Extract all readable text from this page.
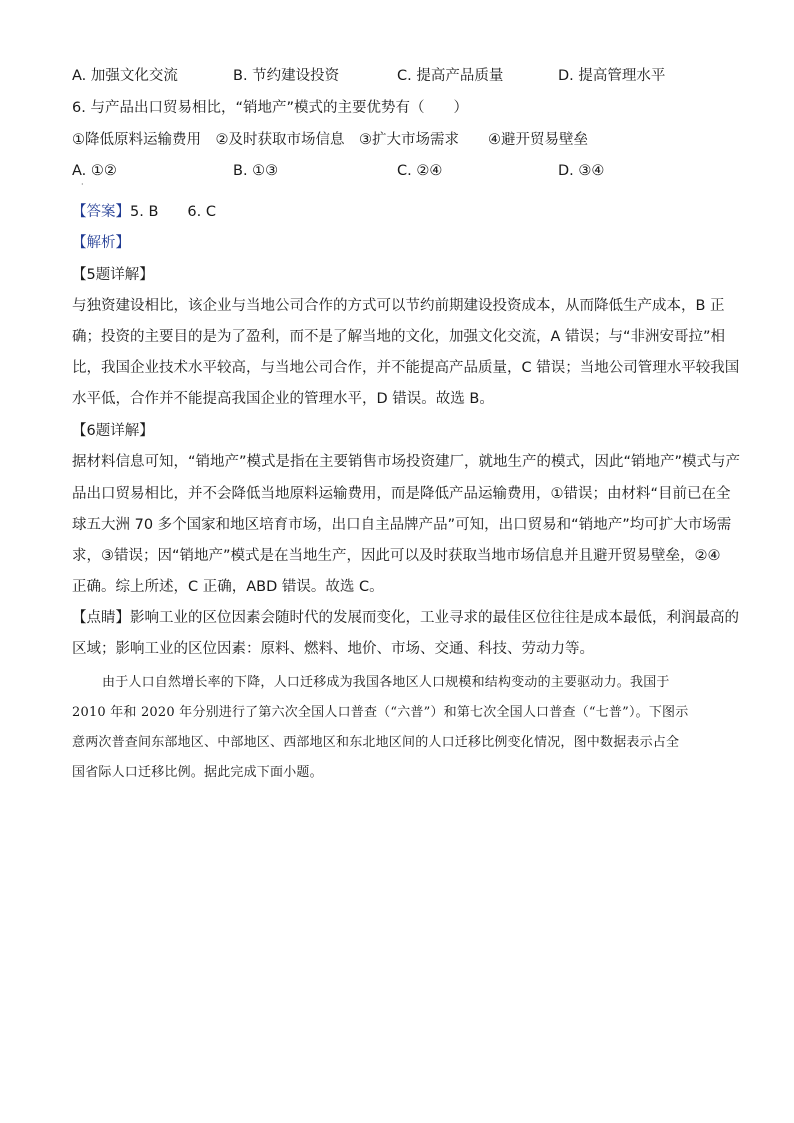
A. 加强文化交流	B. 节约建设投资	C. 提高产品质量	D. 提高管理水平
6. 与产品出口贸易相比，“销地产”模式的主要优势有（　　）
①降低原料运输费用　②及时获取市场信息　③扩大市场需求　　④避开贸易壁垒
A. ①②	B. ①③	C. ②④	D. ③④
·
【答案】5. B　　6. C
【解析】
【5题详解】
与独资建设相比，该企业与当地公司合作的方式可以节约前期建设投资成本，从而降低生产成本，B 正
确；投资的主要目的是为了盈利，而不是了解当地的文化，加强文化交流，A 错误；与“非洲安哥拉”相
比，我国企业技术水平较高，与当地公司合作，并不能提高产品质量，C 错误；当地公司管理水平较我国
水平低，合作并不能提高我国企业的管理水平，D 错误。故选 B。
【6题详解】
据材料信息可知，“销地产”模式是指在主要销售市场投资建厂，就地生产的模式，因此“销地产”模式与产
品出口贸易相比，并不会降低当地原料运输费用，而是降低产品运输费用，①错误；由材料“目前已在全
球五大洲 70 多个国家和地区培育市场，出口自主品牌产品”可知，出口贸易和“销地产”均可扩大市场需
求，③错误；因“销地产”模式是在当地生产，因此可以及时获取当地市场信息并且避开贸易壁垒，②④
正确。综上所述，C 正确，ABD 错误。故选 C。
【点睛】影响工业的区位因素会随时代的发展而变化，工业寻求的最佳区位往往是成本最低，利润最高的
区域；影响工业的区位因素：原料、燃料、地价、市场、交通、科技、劳动力等。
由于人口自然增长率的下降，人口迁移成为我国各地区人口规模和结构变动的主要驱动力。我国于
2010 年和 2020 年分别进行了第六次全国人口普查（“六普”）和第七次全国人口普查（“七普”）。下图示
意两次普查间东部地区、中部地区、西部地区和东北地区间的人口迁移比例变化情况，图中数据表示占全
国省际人口迁移比例。据此完成下面小题。
